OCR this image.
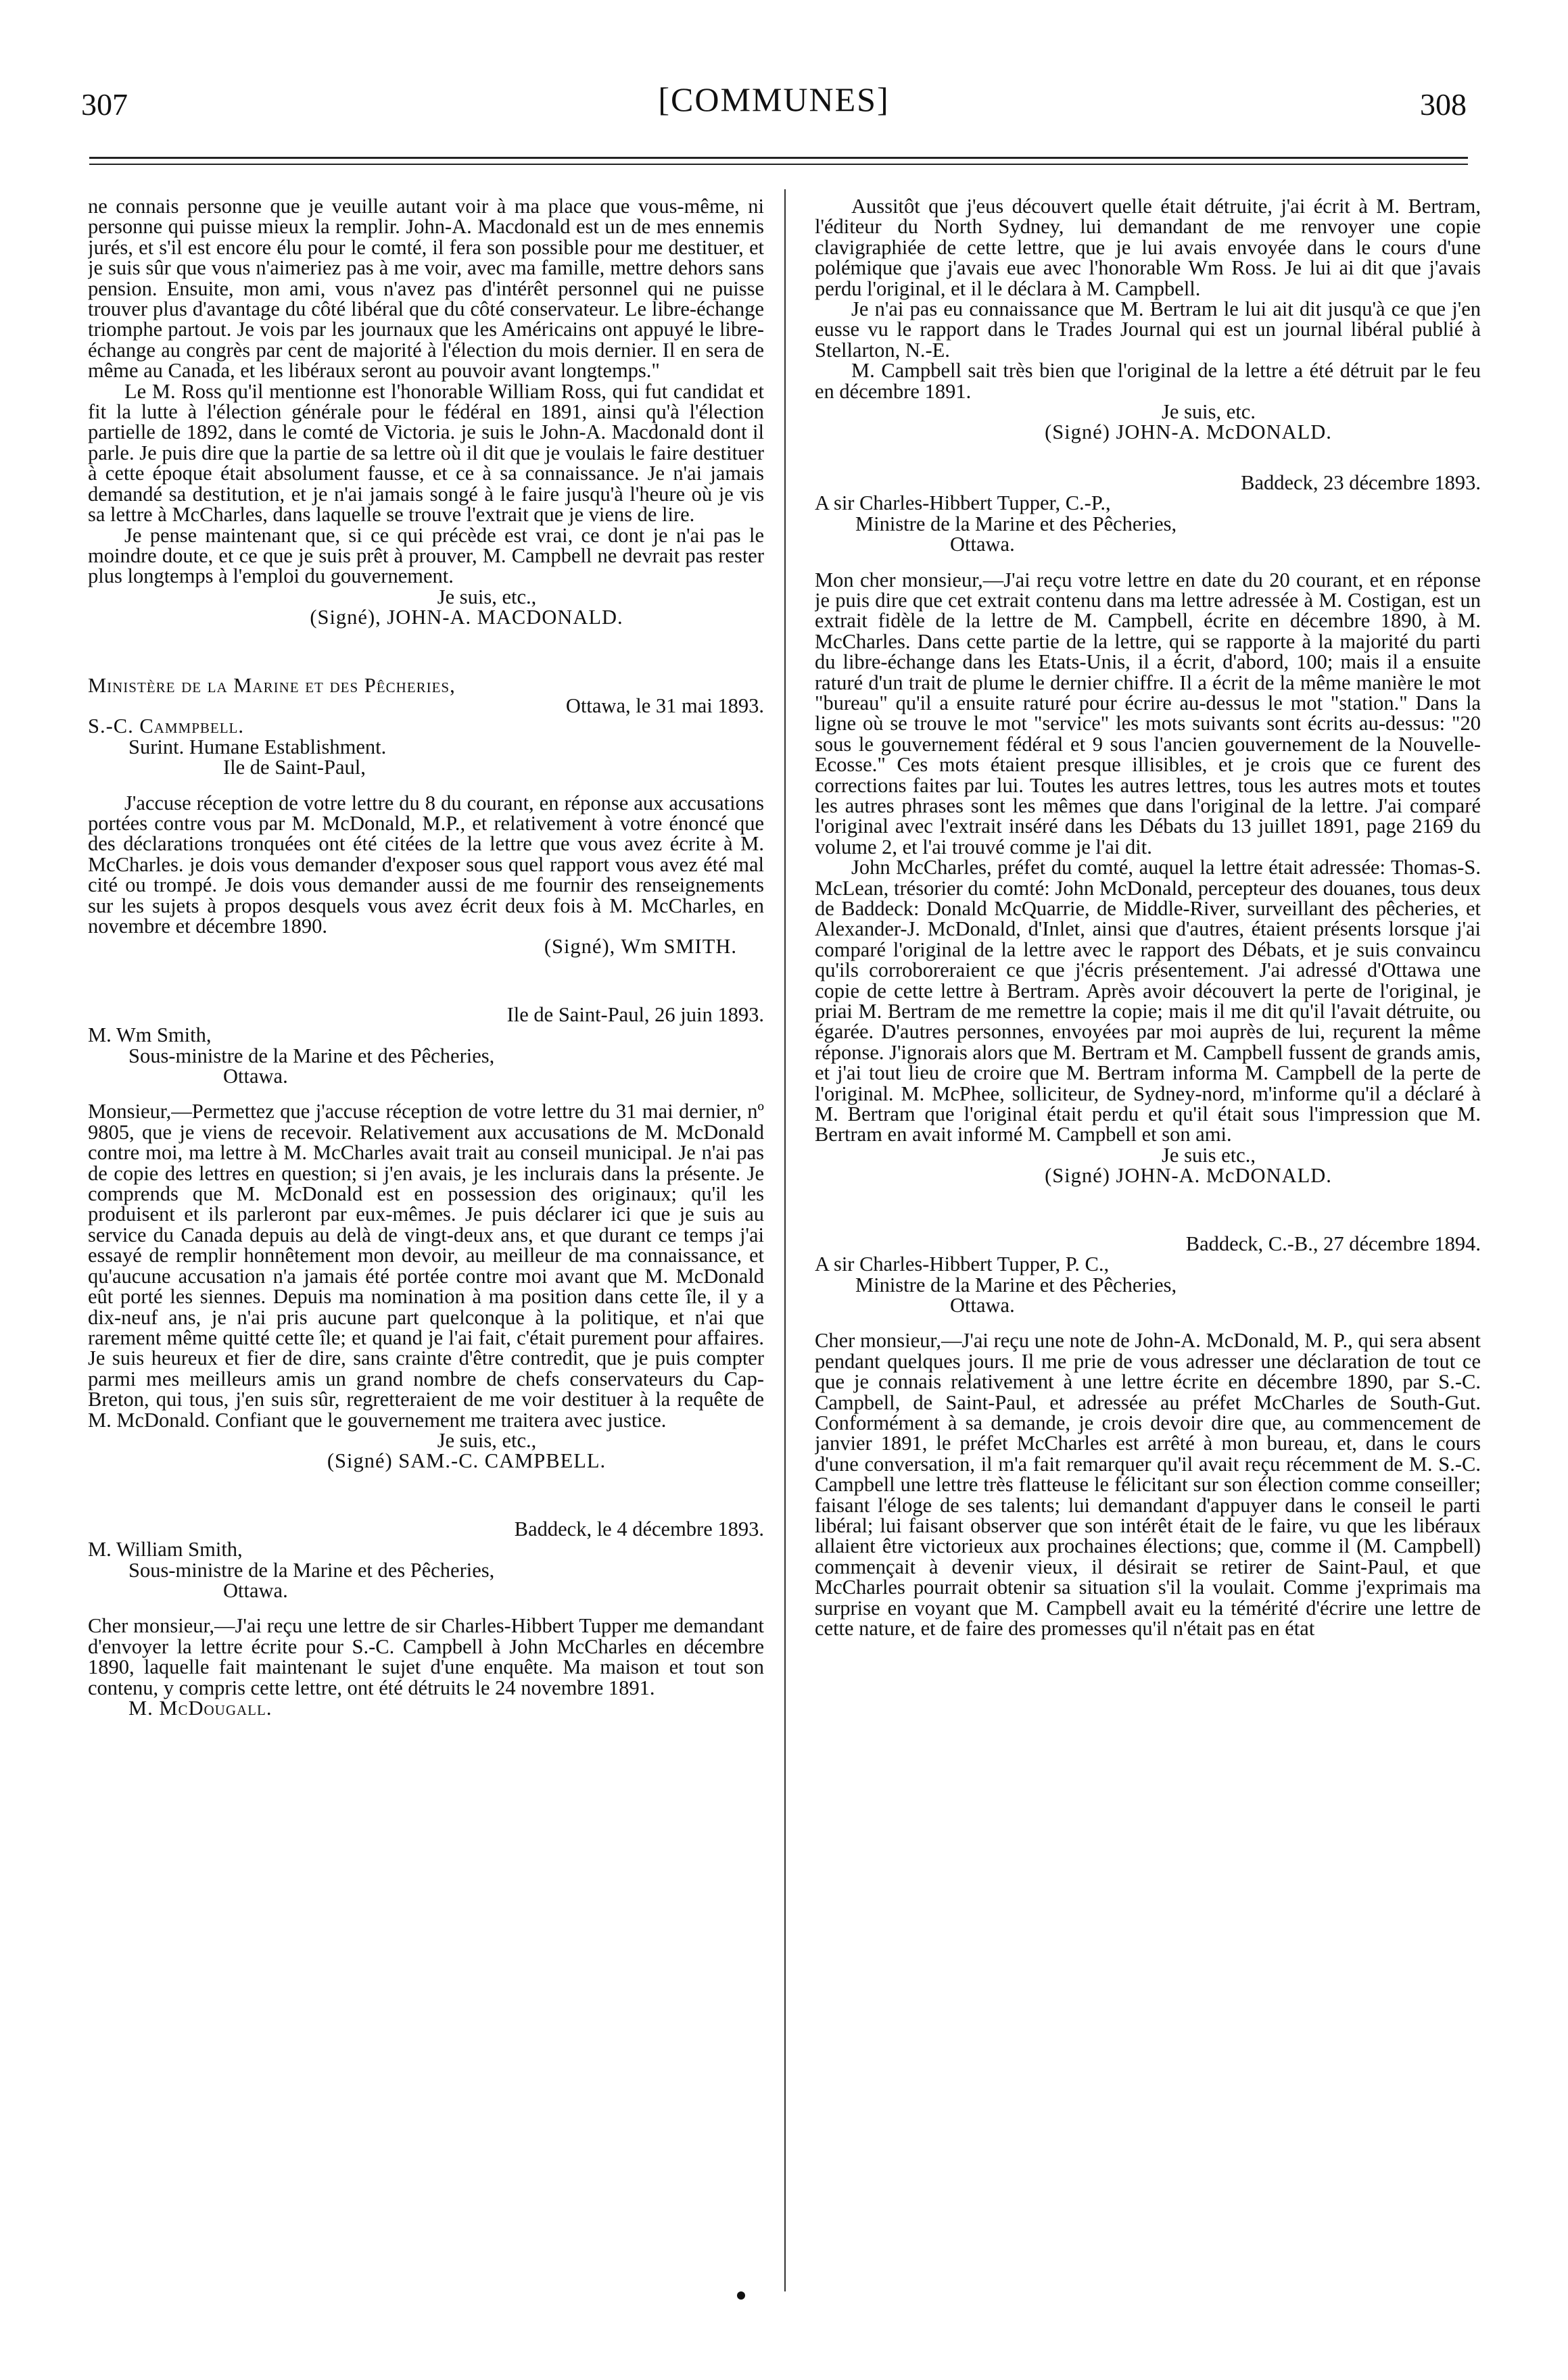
307	[COMMUNES]	308

ne connais personne que je veuille autant voir à ma place que vous-même, ni personne qui puisse mieux la remplir. John-A. Macdonald est un de mes ennemis jurés, et s'il est encore élu pour le comté, il fera son possible pour me destituer, et je suis sûr que vous n'aimeriez pas à me voir, avec ma famille, mettre dehors sans pension. Ensuite, mon ami, vous n'avez pas d'intérêt personnel qui ne puisse trouver plus d'avantage du côté libéral que du côté conservateur. Le libre-échange triomphe partout. Je vois par les journaux que les Américains ont appuyé le libre-échange au congrès par cent de majorité à l'élection du mois dernier. Il en sera de même au Canada, et les libéraux seront au pouvoir avant longtemps."

Le M. Ross qu'il mentionne est l'honorable William Ross, qui fut candidat et fit la lutte à l'élection générale pour le fédéral en 1891, ainsi qu'à l'élection partielle de 1892, dans le comté de Victoria. je suis le John-A. Macdonald dont il parle. Je puis dire que la partie de sa lettre où il dit que je voulais le faire destituer à cette époque était absolument fausse, et ce à sa connaissance. Je n'ai jamais demandé sa destitution, et je n'ai jamais songé à le faire jusqu'à l'heure où je vis sa lettre à McCharles, dans laquelle se trouve l'extrait que je viens de lire.

Je pense maintenant que, si ce qui précède est vrai, ce dont je n'ai pas le moindre doute, et ce que je suis prêt à prouver, M. Campbell ne devrait pas rester plus longtemps à l'emploi du gouvernement.

Je suis, etc.,

(Signé), JOHN-A. MACDONALD.

Ministère de la Marine et des Pêcheries,

Ottawa, le 31 mai 1893.

S.-C. Cammpbell.

Surint. Humane Establishment.

Ile de Saint-Paul,

J'accuse réception de votre lettre du 8 du courant, en réponse aux accusations portées contre vous par M. McDonald, M.P., et relativement à votre énoncé que des déclarations tronquées ont été citées de la lettre que vous avez écrite à M. McCharles. je dois vous demander d'exposer sous quel rapport vous avez été mal cité ou trompé. Je dois vous demander aussi de me fournir des renseignements sur les sujets à propos desquels vous avez écrit deux fois à M. McCharles, en novembre et décembre 1890.

(Signé), Wm SMITH.

Ile de Saint-Paul, 26 juin 1893.

M. Wm Smith,

Sous-ministre de la Marine et des Pêcheries,

Ottawa.

Monsieur,—Permettez que j'accuse réception de votre lettre du 31 mai dernier, nº 9805, que je viens de recevoir. Relativement aux accusations de M. McDonald contre moi, ma lettre à M. McCharles avait trait au conseil municipal. Je n'ai pas de copie des lettres en question; si j'en avais, je les inclurais dans la présente. Je comprends que M. McDonald est en possession des originaux; qu'il les produisent et ils parleront par eux-mêmes. Je puis déclarer ici que je suis au service du Canada depuis au delà de vingt-deux ans, et que durant ce temps j'ai essayé de remplir honnêtement mon devoir, au meilleur de ma connaissance, et qu'aucune accusation n'a jamais été portée contre moi avant que M. McDonald eût porté les siennes. Depuis ma nomination à ma position dans cette île, il y a dix-neuf ans, je n'ai pris aucune part quelconque à la politique, et n'ai que rarement même quitté cette île; et quand je l'ai fait, c'était purement pour affaires. Je suis heureux et fier de dire, sans crainte d'être contredit, que je puis compter parmi mes meilleurs amis un grand nombre de chefs conservateurs du Cap-Breton, qui tous, j'en suis sûr, regretteraient de me voir destituer à la requête de M. McDonald. Confiant que le gouvernement me traitera avec justice.

Je suis, etc.,

(Signé) SAM.-C. CAMPBELL.

Baddeck, le 4 décembre 1893.

M. William Smith,

Sous-ministre de la Marine et des Pêcheries,

Ottawa.

Cher monsieur,—J'ai reçu une lettre de sir Charles-Hibbert Tupper me demandant d'envoyer la lettre écrite pour S.-C. Campbell à John McCharles en décembre 1890, laquelle fait maintenant le sujet d'une enquête. Ma maison et tout son contenu, y compris cette lettre, ont été détruits le 24 novembre 1891.

M. McDougall.

Aussitôt que j'eus découvert quelle était détruite, j'ai écrit à M. Bertram, l'éditeur du North Sydney, lui demandant de me renvoyer une copie clavigraphiée de cette lettre, que je lui avais envoyée dans le cours d'une polémique que j'avais eue avec l'honorable Wm Ross. Je lui ai dit que j'avais perdu l'original, et il le déclara à M. Campbell.

Je n'ai pas eu connaissance que M. Bertram le lui ait dit jusqu'à ce que j'en eusse vu le rapport dans le Trades Journal qui est un journal libéral publié à Stellarton, N.-E.

M. Campbell sait très bien que l'original de la lettre a été détruit par le feu en décembre 1891.

Je suis, etc.

(Signé) JOHN-A. McDONALD.

Baddeck, 23 décembre 1893.

A sir Charles-Hibbert Tupper, C.-P.,

Ministre de la Marine et des Pêcheries,

Ottawa.

Mon cher monsieur,—J'ai reçu votre lettre en date du 20 courant, et en réponse je puis dire que cet extrait contenu dans ma lettre adressée à M. Costigan, est un extrait fidèle de la lettre de M. Campbell, écrite en décembre 1890, à M. McCharles. Dans cette partie de la lettre, qui se rapporte à la majorité du parti du libre-échange dans les Etats-Unis, il a écrit, d'abord, 100; mais il a ensuite raturé d'un trait de plume le dernier chiffre. Il a écrit de la même manière le mot "bureau" qu'il a ensuite raturé pour écrire au-dessus le mot "station." Dans la ligne où se trouve le mot "service" les mots suivants sont écrits au-dessus: "20 sous le gouvernement fédéral et 9 sous l'ancien gouvernement de la Nouvelle-Ecosse." Ces mots étaient presque illisibles, et je crois que ce furent des corrections faites par lui. Toutes les autres lettres, tous les autres mots et toutes les autres phrases sont les mêmes que dans l'original de la lettre. J'ai comparé l'original avec l'extrait inséré dans les Débats du 13 juillet 1891, page 2169 du volume 2, et l'ai trouvé comme je l'ai dit.

John McCharles, préfet du comté, auquel la lettre était adressée: Thomas-S. McLean, trésorier du comté: John McDonald, percepteur des douanes, tous deux de Baddeck: Donald McQuarrie, de Middle-River, surveillant des pêcheries, et Alexander-J. McDonald, d'Inlet, ainsi que d'autres, étaient présents lorsque j'ai comparé l'original de la lettre avec le rapport des Débats, et je suis convaincu qu'ils corroboreraient ce que j'écris présentement. J'ai adressé d'Ottawa une copie de cette lettre à Bertram. Après avoir découvert la perte de l'original, je priai M. Bertram de me remettre la copie; mais il me dit qu'il l'avait détruite, ou égarée. D'autres personnes, envoyées par moi auprès de lui, reçurent la même réponse. J'ignorais alors que M. Bertram et M. Campbell fussent de grands amis, et j'ai tout lieu de croire que M. Bertram informa M. Campbell de la perte de l'original. M. McPhee, solliciteur, de Sydney-nord, m'informe qu'il a déclaré à M. Bertram que l'original était perdu et qu'il était sous l'impression que M. Bertram en avait informé M. Campbell et son ami.

Je suis etc.,

(Signé) JOHN-A. McDONALD.

Baddeck, C.-B., 27 décembre 1894.

A sir Charles-Hibbert Tupper, P. C.,

Ministre de la Marine et des Pêcheries,

Ottawa.

Cher monsieur,—J'ai reçu une note de John-A. McDonald, M. P., qui sera absent pendant quelques jours. Il me prie de vous adresser une déclaration de tout ce que je connais relativement à une lettre écrite en décembre 1890, par S.-C. Campbell, de Saint-Paul, et adressée au préfet McCharles de South-Gut. Conformément à sa demande, je crois devoir dire que, au commencement de janvier 1891, le préfet McCharles est arrêté à mon bureau, et, dans le cours d'une conversation, il m'a fait remarquer qu'il avait reçu récemment de M. S.-C. Campbell une lettre très flatteuse le félicitant sur son élection comme conseiller; faisant l'éloge de ses talents; lui demandant d'appuyer dans le conseil le parti libéral; lui faisant observer que son intérêt était de le faire, vu que les libéraux allaient être victorieux aux prochaines élections; que, comme il (M. Campbell) commençait à devenir vieux, il désirait se retirer de Saint-Paul, et que McCharles pourrait obtenir sa situation s'il la voulait. Comme j'exprimais ma surprise en voyant que M. Campbell avait eu la témérité d'écrire une lettre de cette nature, et de faire des promesses qu'il n'était pas en état
